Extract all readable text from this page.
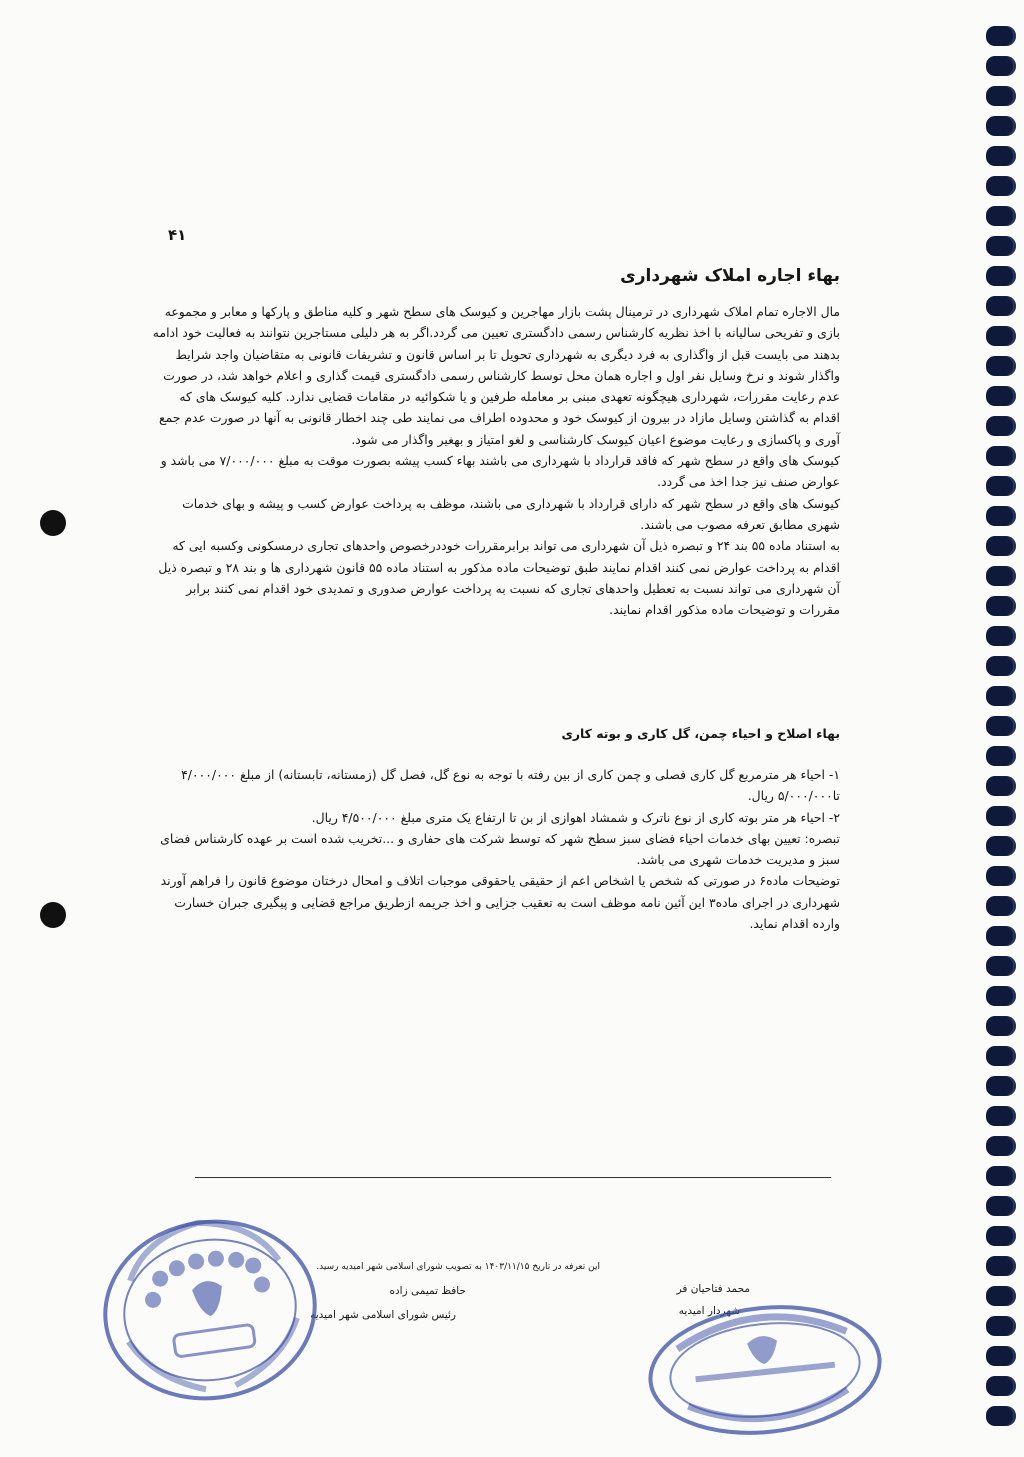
۴۱
بهاء اجاره املاک شهرداری

مال الاجاره تمام املاک شهرداری در ترمینال پشت بازار مهاجرین و کیوسک های سطح شهر و کلیه مناطق و پارکها و معابر و مجموعه بازی و تفریحی سالیانه با اخذ نظریه کارشناس رسمی دادگستری تعیین می گردد.اگر به هر دلیلی مستاجرین نتوانند به فعالیت خود ادامه بدهند می بایست قبل از واگذاری به فرد دیگری به شهرداری تحویل تا بر اساس قانون و تشریفات قانونی به متقاضیان واجد شرایط واگذار شوند و نرخ وسایل نفر اول و اجاره همان محل توسط کارشناس رسمی دادگستری قیمت گذاری و اعلام خواهد شد، در صورت عدم رعایت مقررات، شهرداری هیچگونه تعهدی مبنی بر معامله طرفین و یا شکوائیه در مقامات قضایی ندارد. کلیه کیوسک های که اقدام به گذاشتن وسایل مازاد در بیرون از کیوسک خود و محدوده اطراف می نمایند طی چند اخطار قانونی به آنها در صورت عدم جمع آوری و پاکسازی و رعایت موضوع اعیان کیوسک کارشناسی و لغو امتیاز و بهغیر واگذار می شود.

کیوسک های واقع در سطح شهر که فاقد قرارداد با شهرداری می باشند بهاء کسب پیشه بصورت موقت به مبلغ ۷/۰۰۰/۰۰۰ می باشد و عوارض صنف نیز جدا اخذ می گردد.

کیوسک های واقع در سطح شهر که دارای قرارداد با شهرداری می باشند، موظف به پرداخت عوارض کسب و پیشه و بهای خدمات شهری مطابق تعرفه مصوب می باشند.

به استناد ماده ۵۵ بند ۲۴ و تبصره ذیل آن شهرداری می تواند برابرمقررات خوددرخصوص واحدهای تجاری درمسکونی وکسبه ایی که اقدام به پرداخت عوارض نمی کنند اقدام نمایند طبق توضیحات ماده مذکور به استناد ماده ۵۵ قانون شهرداری ها و بند ۲۸ و تبصره ذیل آن شهرداری می تواند نسبت به تعطیل واحدهای تجاری که نسبت به پرداخت عوارض صدوری و تمدیدی خود اقدام نمی کنند برابر مقررات و توضیحات ماده مذکور اقدام نمایند.

بهاء اصلاح و احیاء چمن، گل کاری و بوته کاری

۱- احیاء هر مترمربع گل کاری فصلی و چمن کاری از بین رفته با توجه به نوع گل، فصل گل (زمستانه، تابستانه) از مبلغ ۴/۰۰۰/۰۰۰ تا۵/۰۰۰/۰۰۰ ریال.

۲- احیاء هر متر بوته کاری از نوع ناترک و شمشاد اهوازی از بن تا ارتفاع یک متری مبلغ ۴/۵۰۰/۰۰۰ ریال.

تبصره: تعیین بهای خدمات احیاء فضای سبز سطح شهر که توسط شرکت های حفاری و ...تخریب شده است بر عهده کارشناس فضای سبز و مدیریت خدمات شهری می باشد.

توضیحات ماده۶ در صورتی که شخص یا اشخاص اعم از حقیقی یاحقوقی موجبات اتلاف و امحال درختان موضوع قانون را فراهم آورند شهرداری در اجرای ماده۳ این آئین نامه موظف است به تعقیب جزایی و اخذ جریمه ازطریق مراجع قضایی و پیگیری جبران خسارت وارده اقدام نماید.

این تعرفه در تاریخ ۱۴۰۳/۱۱/۱۵ به تصویب شورای اسلامی شهر امیدیه رسید.
حافظ تمیمی زاده
رئیس شورای اسلامی شهر امیدیه
محمد فتاحیان فر
شهردار امیدیه
